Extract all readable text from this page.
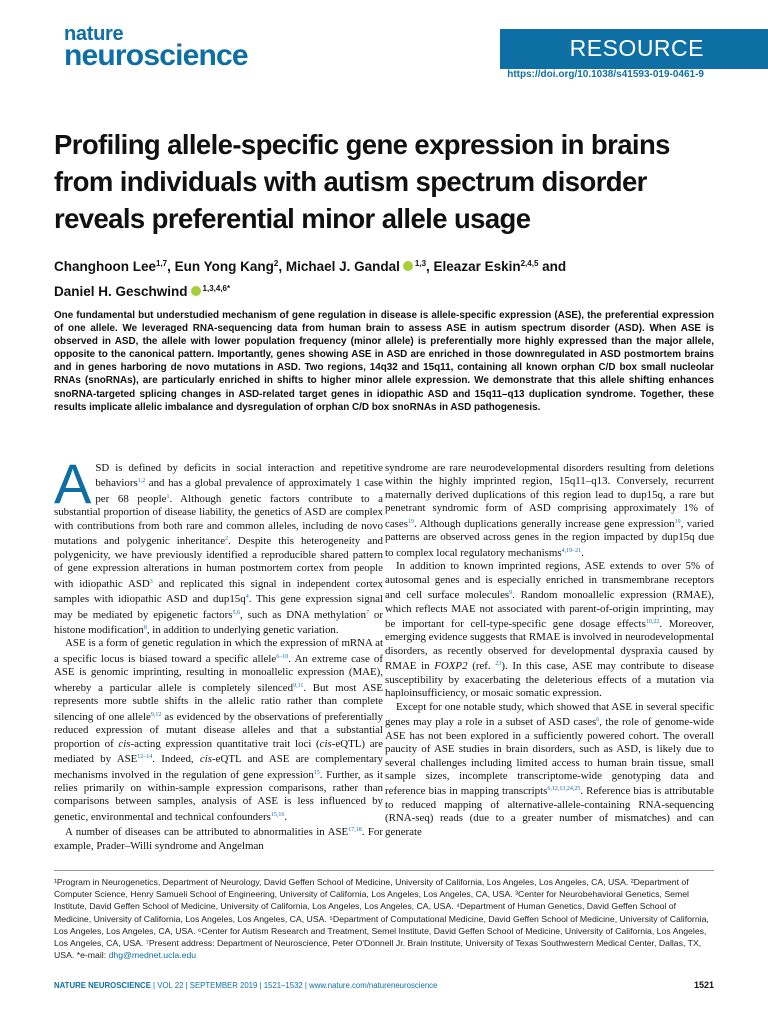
nature
neuroscience	RESOURCE
https://doi.org/10.1038/s41593-019-0461-9
Profiling allele-specific gene expression in brains from individuals with autism spectrum disorder reveals preferential minor allele usage
Changhoon Lee$^{1,7}$, Eun Yong Kang$^2$, Michael J. Gandal $^{1,3}$, Eleazar Eskin$^{2,4,5}$ and
Daniel H. Geschwind $^{1,3,4,6*}$

One fundamental but understudied mechanism of gene regulation in disease is allele-specific expression (ASE), the preferential expression of one allele. We leveraged RNA-sequencing data from human brain to assess ASE in autism spectrum disorder (ASD). When ASE is observed in ASD, the allele with lower population frequency (minor allele) is preferentially more highly expressed than the major allele, opposite to the canonical pattern. Importantly, genes showing ASE in ASD are enriched in those downregulated in ASD postmortem brains and in genes harboring de novo mutations in ASD. Two regions, 14q32 and 15q11, containing all known orphan C/D box small nucleolar RNAs (snoRNAs), are particularly enriched in shifts to higher minor allele expression. We demonstrate that this allele shifting enhances snoRNA-targeted splicing changes in ASD-related target genes in idiopathic ASD and 15q11–q13 duplication syndrome. Together, these results implicate allelic imbalance and dysregulation of orphan C/D box snoRNAs in ASD pathogenesis.

ASD is defined by deficits in social interaction and repetitive behaviors$^{1,2}$ and has a global prevalence of approximately 1 case per 68 people$^1$. Although genetic factors contribute to a substantial proportion of disease liability, the genetics of ASD are complex with contributions from both rare and common alleles, including de novo mutations and polygenic inheritance$^2$. Despite this heterogeneity and polygenicity, we have previously identified a reproducible shared pattern of gene expression alterations in human postmortem cortex from people with idiopathic ASD$^3$ and replicated this signal in independent cortex samples with idiopathic ASD and dup15q$^4$. This gene expression signal may be mediated by epigenetic factors$^{5,6}$, such as DNA methylation$^7$ or histone modification$^8$, in addition to underlying genetic variation.

ASE is a form of genetic regulation in which the expression of mRNA at a specific locus is biased toward a specific allele$^{6-10}$. An extreme case of ASE is genomic imprinting, resulting in monoallelic expression (MAE), whereby a particular allele is completely silenced$^{9,11}$. But most ASE represents more subtle shifts in the allelic ratio rather than complete silencing of one allele$^{9,12}$ as evidenced by the observations of preferentially reduced expression of mutant disease alleles and that a substantial proportion of cis-acting expression quantitative trait loci (cis-eQTL) are mediated by ASE$^{12-14}$. Indeed, cis-eQTL and ASE are complementary mechanisms involved in the regulation of gene expression$^{15}$. Further, as it relies primarily on within-sample expression comparisons, rather than comparisons between samples, analysis of ASE is less influenced by genetic, environmental and technical confounders$^{15,16}$.

A number of diseases can be attributed to abnormalities in ASE$^{17,18}$. For example, Prader–Willi syndrome and Angelman

syndrome are rare neurodevelopmental disorders resulting from deletions within the highly imprinted region, 15q11–q13. Conversely, recurrent maternally derived duplications of this region lead to dup15q, a rare but penetrant syndromic form of ASD comprising approximately 1% of cases$^{19}$. Although duplications generally increase gene expression$^{19}$, varied patterns are observed across genes in the region impacted by dup15q due to complex local regulatory mechanisms$^{4,19-21}$.

In addition to known imprinted regions, ASE extends to over 5% of autosomal genes and is especially enriched in transmembrane receptors and cell surface molecules$^9$. Random monoallelic expression (RMAE), which reflects MAE not associated with parent-of-origin imprinting, may be important for cell-type-specific gene dosage effects$^{10,22}$. Moreover, emerging evidence suggests that RMAE is involved in neurodevelopmental disorders, as recently observed for developmental dyspraxia caused by RMAE in FOXP2 (ref. $^{23}$). In this case, ASE may contribute to disease susceptibility by exacerbating the deleterious effects of a mutation via haploinsufficiency, or mosaic somatic expression.

Except for one notable study, which showed that ASE in several specific genes may play a role in a subset of ASD cases$^6$, the role of genome-wide ASE has not been explored in a sufficiently powered cohort. The overall paucity of ASE studies in brain disorders, such as ASD, is likely due to several challenges including limited access to human brain tissue, small sample sizes, incomplete transcriptome-wide genotyping data and reference bias in mapping transcripts$^{6,12,13,24,25}$. Reference bias is attributable to reduced mapping of alternative-allele-containing RNA-sequencing (RNA-seq) reads (due to a greater number of mismatches) and can generate

¹Program in Neurogenetics, Department of Neurology, David Geffen School of Medicine, University of California, Los Angeles, Los Angeles, CA, USA. ²Department of Computer Science, Henry Samueli School of Engineering, University of California, Los Angeles, Los Angeles, CA, USA. ³Center for Neurobehavioral Genetics, Semel Institute, David Geffen School of Medicine, University of California, Los Angeles, Los Angeles, CA, USA. ⁴Department of Human Genetics, David Geffen School of Medicine, University of California, Los Angeles, Los Angeles, CA, USA. ⁵Department of Computational Medicine, David Geffen School of Medicine, University of California, Los Angeles, Los Angeles, CA, USA. ⁶Center for Autism Research and Treatment, Semel Institute, David Geffen School of Medicine, University of California, Los Angeles, Los Angeles, CA, USA. ⁷Present address: Department of Neuroscience, Peter O'Donnell Jr. Brain Institute, University of Texas Southwestern Medical Center, Dallas, TX, USA. *e-mail: dhg@mednet.ucla.edu

NATURE NEUROSCIENCE | VOL 22 | SEPTEMBER 2019 | 1521–1532 | www.nature.com/natureneuroscience	1521
